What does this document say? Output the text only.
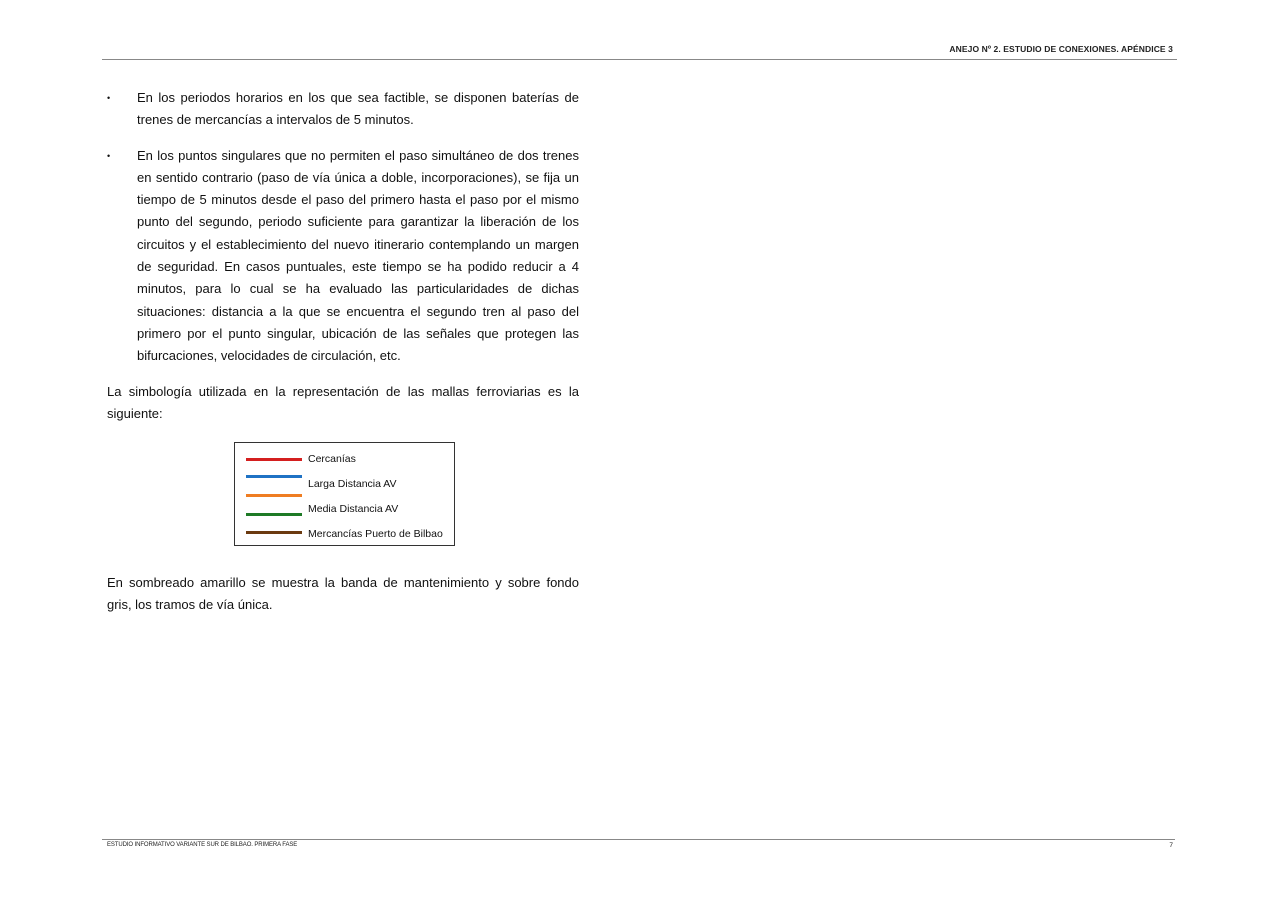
ANEJO Nº 2. ESTUDIO DE CONEXIONES. APÉNDICE 3
• En los periodos horarios en los que sea factible, se disponen baterías de trenes de mercancías a intervalos de 5 minutos.

• En los puntos singulares que no permiten el paso simultáneo de dos trenes en sentido contrario (paso de vía única a doble, incorporaciones), se fija un tiempo de 5 minutos desde el paso del primero hasta el paso por el mismo punto del segundo, periodo suficiente para garantizar la liberación de los circuitos y el establecimiento del nuevo itinerario contemplando un margen de seguridad. En casos puntuales, este tiempo se ha podido reducir a 4 minutos, para lo cual se ha evaluado las particularidades de dichas situaciones: distancia a la que se encuentra el segundo tren al paso del primero por el punto singular, ubicación de las señales que protegen las bifurcaciones, velocidades de circulación, etc.

La simbología utilizada en la representación de las mallas ferroviarias es la siguiente:

Cercanías
Larga Distancia AV
Media Distancia AV
Mercancías Puerto de Bilbao

En sombreado amarillo se muestra la banda de mantenimiento y sobre fondo gris, los tramos de vía única.

ESTUDIO INFORMATIVO VARIANTE SUR DE BILBAO. PRIMERA FASE	7
